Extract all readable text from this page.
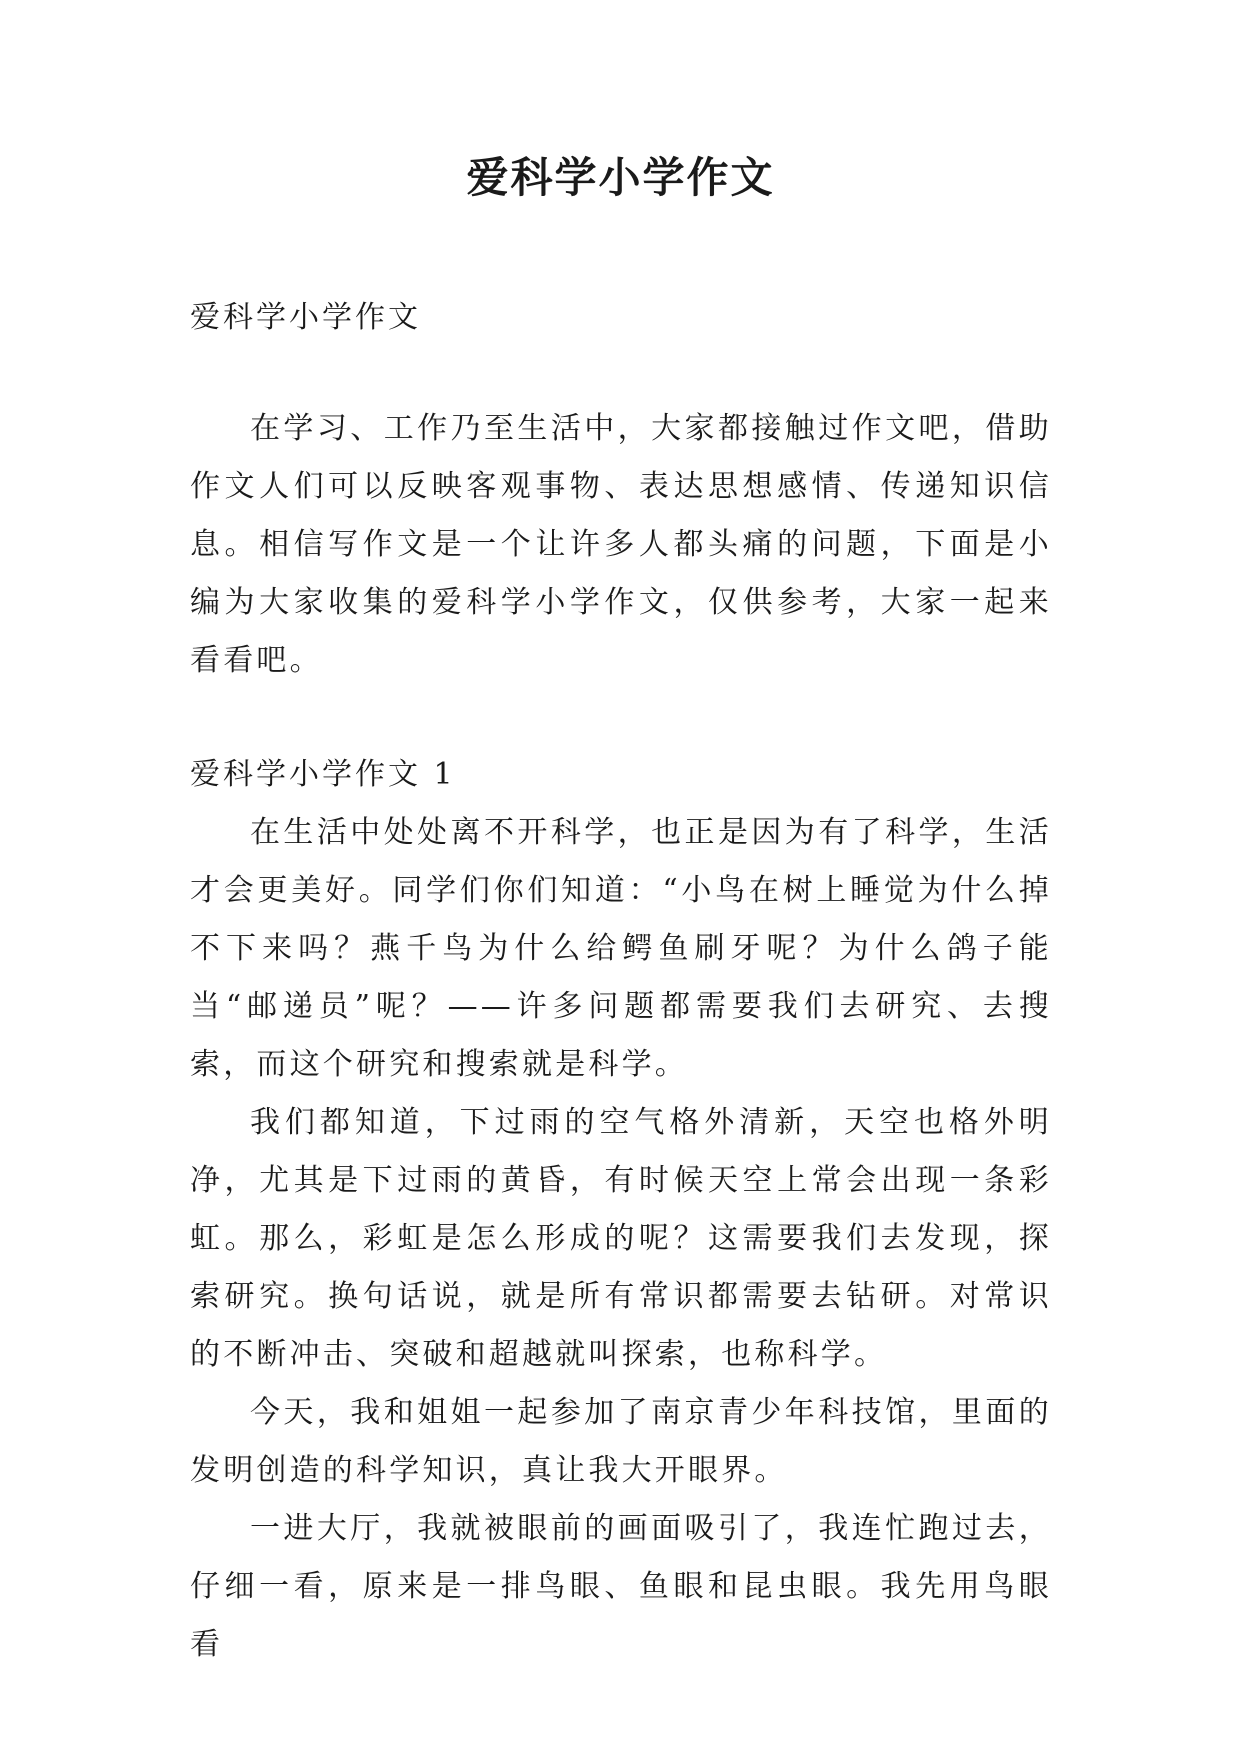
爱科学小学作文

爱科学小学作文

在学习、工作乃至生活中，大家都接触过作文吧，借助作文人们可以反映客观事物、表达思想感情、传递知识信息。相信写作文是一个让许多人都头痛的问题，下面是小编为大家收集的爱科学小学作文，仅供参考，大家一起来看看吧。

爱科学小学作文 1

在生活中处处离不开科学，也正是因为有了科学，生活才会更美好。同学们你们知道：“小鸟在树上睡觉为什么掉不下来吗？燕千鸟为什么给鳄鱼刷牙呢？为什么鸽子能当“邮递员”呢？——许多问题都需要我们去研究、去搜索，而这个研究和搜索就是科学。

我们都知道，下过雨的空气格外清新，天空也格外明净，尤其是下过雨的黄昏，有时候天空上常会出现一条彩虹。那么，彩虹是怎么形成的呢？这需要我们去发现，探索研究。换句话说，就是所有常识都需要去钻研。对常识的不断冲击、突破和超越就叫探索，也称科学。

今天，我和姐姐一起参加了南京青少年科技馆，里面的发明创造的科学知识，真让我大开眼界。

一进大厅，我就被眼前的画面吸引了，我连忙跑过去，仔细一看，原来是一排鸟眼、鱼眼和昆虫眼。我先用鸟眼看
